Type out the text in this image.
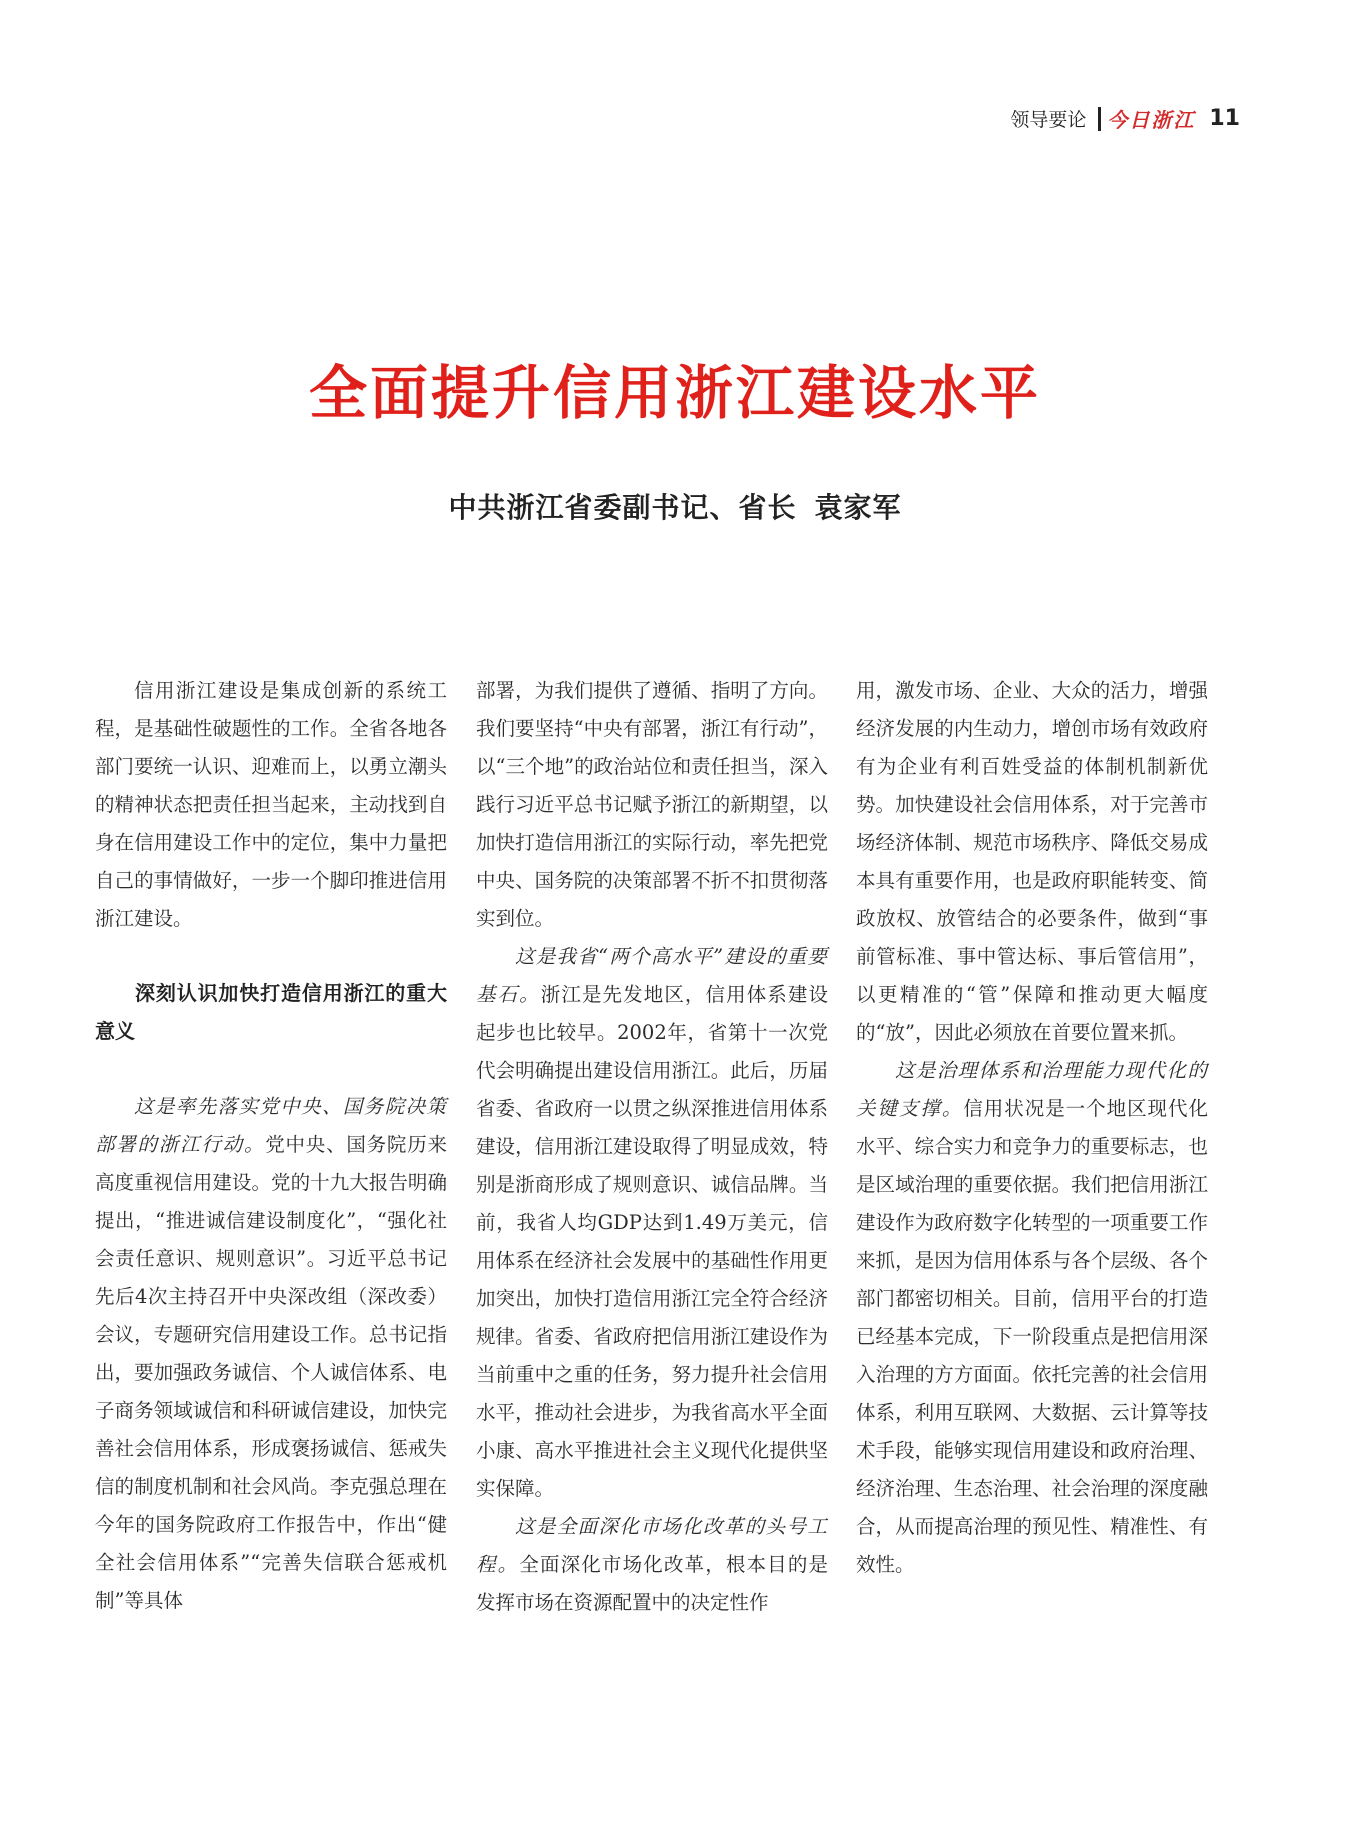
领导要论 今日浙江 11
全面提升信用浙江建设水平
中共浙江省委副书记、省长 袁家军

信用浙江建设是集成创新的系统工程，是基础性破题性的工作。全省各地各部门要统一认识、迎难而上，以勇立潮头的精神状态把责任担当起来，主动找到自身在信用建设工作中的定位，集中力量把自己的事情做好，一步一个脚印推进信用浙江建设。

深刻认识加快打造信用浙江的重大意义

这是率先落实党中央、国务院决策部署的浙江行动。党中央、国务院历来高度重视信用建设。党的十九大报告明确提出，“推进诚信建设制度化”，“强化社会责任意识、规则意识”。习近平总书记先后4次主持召开中央深改组（深改委）会议，专题研究信用建设工作。总书记指出，要加强政务诚信、个人诚信体系、电子商务领域诚信和科研诚信建设，加快完善社会信用体系，形成褒扬诚信、惩戒失信的制度机制和社会风尚。李克强总理在今年的国务院政府工作报告中，作出“健全社会信用体系”“完善失信联合惩戒机制”等具体

部署，为我们提供了遵循、指明了方向。我们要坚持“中央有部署，浙江有行动”，以“三个地”的政治站位和责任担当，深入践行习近平总书记赋予浙江的新期望，以加快打造信用浙江的实际行动，率先把党中央、国务院的决策部署不折不扣贯彻落实到位。

这是我省“两个高水平”建设的重要基石。浙江是先发地区，信用体系建设起步也比较早。2002年，省第十一次党代会明确提出建设信用浙江。此后，历届省委、省政府一以贯之纵深推进信用体系建设，信用浙江建设取得了明显成效，特别是浙商形成了规则意识、诚信品牌。当前，我省人均GDP达到1.49万美元，信用体系在经济社会发展中的基础性作用更加突出，加快打造信用浙江完全符合经济规律。省委、省政府把信用浙江建设作为当前重中之重的任务，努力提升社会信用水平，推动社会进步，为我省高水平全面小康、高水平推进社会主义现代化提供坚实保障。

这是全面深化市场化改革的头号工程。全面深化市场化改革，根本目的是发挥市场在资源配置中的决定性作

用，激发市场、企业、大众的活力，增强经济发展的内生动力，增创市场有效政府有为企业有利百姓受益的体制机制新优势。加快建设社会信用体系，对于完善市场经济体制、规范市场秩序、降低交易成本具有重要作用，也是政府职能转变、简政放权、放管结合的必要条件，做到“事前管标准、事中管达标、事后管信用”，以更精准的“管”保障和推动更大幅度的“放”，因此必须放在首要位置来抓。

这是治理体系和治理能力现代化的关键支撑。信用状况是一个地区现代化水平、综合实力和竞争力的重要标志，也是区域治理的重要依据。我们把信用浙江建设作为政府数字化转型的一项重要工作来抓，是因为信用体系与各个层级、各个部门都密切相关。目前，信用平台的打造已经基本完成，下一阶段重点是把信用深入治理的方方面面。依托完善的社会信用体系，利用互联网、大数据、云计算等技术手段，能够实现信用建设和政府治理、经济治理、生态治理、社会治理的深度融合，从而提高治理的预见性、精准性、有效性。
